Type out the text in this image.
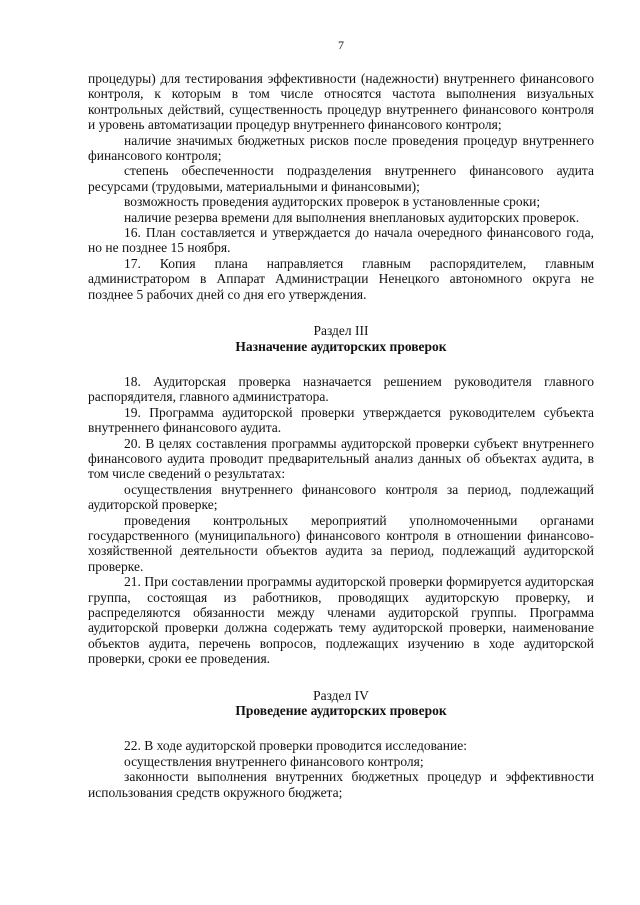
7

процедуры) для тестирования эффективности (надежности) внутреннего финансового контроля, к которым в том числе относятся частота выполнения визуальных контрольных действий, существенность процедур внутреннего финансового контроля и уровень автоматизации процедур внутреннего финансового контроля;

наличие значимых бюджетных рисков после проведения процедур внутреннего финансового контроля;

степень обеспеченности подразделения внутреннего финансового аудита ресурсами (трудовыми, материальными и финансовыми);

возможность проведения аудиторских проверок в установленные сроки;

наличие резерва времени для выполнения внеплановых аудиторских проверок.

16. План составляется и утверждается до начала очередного финансового года, но не позднее 15 ноября.

17. Копия плана направляется главным распорядителем, главным администратором в Аппарат Администрации Ненецкого автономного округа не позднее 5 рабочих дней со дня его утверждения.

Раздел III

Назначение аудиторских проверок

18. Аудиторская проверка назначается решением руководителя главного распорядителя, главного администратора.

19. Программа аудиторской проверки утверждается руководителем субъекта внутреннего финансового аудита.

20. В целях составления программы аудиторской проверки субъект внутреннего финансового аудита проводит предварительный анализ данных об объектах аудита, в том числе сведений о результатах:

осуществления внутреннего финансового контроля за период, подлежащий аудиторской проверке;

проведения контрольных мероприятий уполномоченными органами государственного (муниципального) финансового контроля в отношении финансово-хозяйственной деятельности объектов аудита за период, подлежащий аудиторской проверке.

21. При составлении программы аудиторской проверки формируется аудиторская группа, состоящая из работников, проводящих аудиторскую проверку, и распределяются обязанности между членами аудиторской группы. Программа аудиторской проверки должна содержать тему аудиторской проверки, наименование объектов аудита, перечень вопросов, подлежащих изучению в ходе аудиторской проверки, сроки ее проведения.

Раздел IV

Проведение аудиторских проверок

22. В ходе аудиторской проверки проводится исследование:

осуществления внутреннего финансового контроля;

законности выполнения внутренних бюджетных процедур и эффективности использования средств окружного бюджета;
